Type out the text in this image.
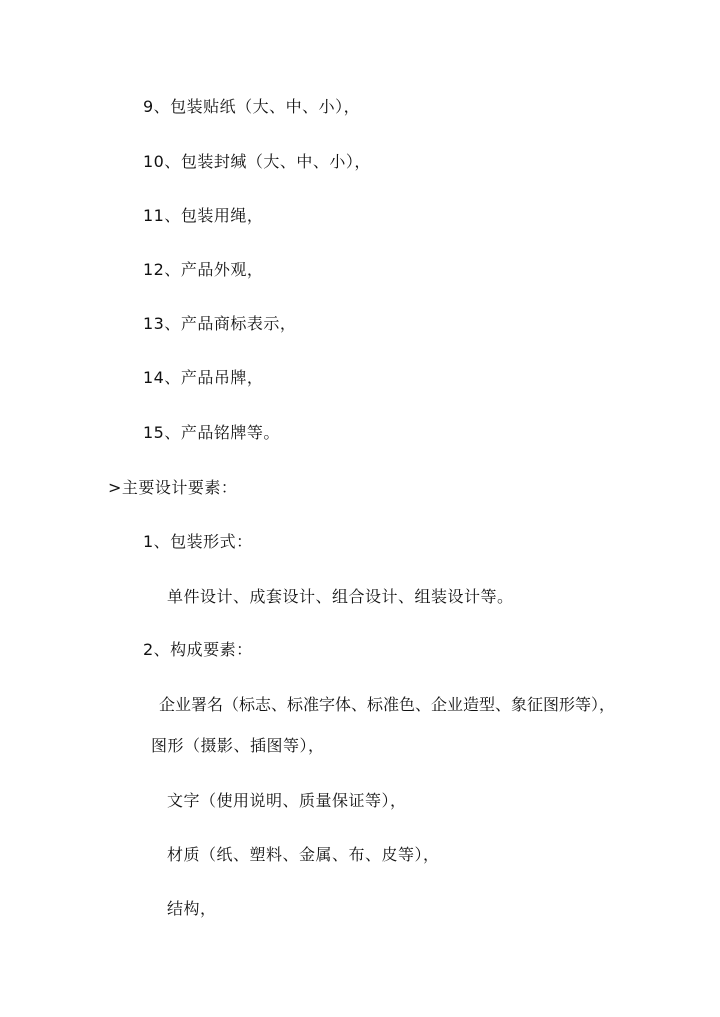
9、包装贴纸（大、中、小），
10、包装封缄（大、中、小），
11、包装用绳，
12、产品外观，
13、产品商标表示，
14、产品吊牌，
15、产品铭牌等。
>主要设计要素：
1、包装形式：
单件设计、成套设计、组合设计、组装设计等。
2、构成要素：
企业署名（标志、标准字体、标准色、企业造型、象征图形等），
图形（摄影、插图等），
文字（使用说明、质量保证等），
材质（纸、塑料、金属、布、皮等），
结构，
